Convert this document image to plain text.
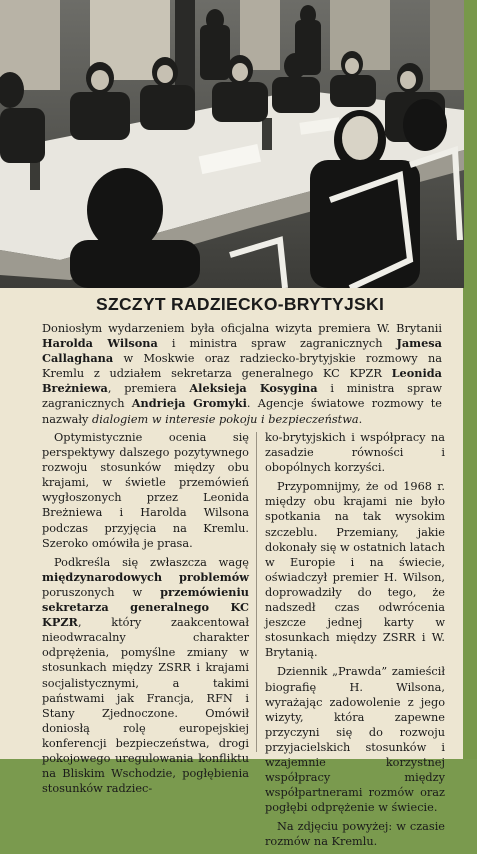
SZCZYT RADZIECKO-BRYTYJSKI
Doniosłym wydarzeniem była oficjalna wizyta premiera W. Brytanii Harolda Wilsona i ministra spraw zagranicznych Jamesa Callaghana w Moskwie oraz radziecko-brytyjskie rozmowy na Kremlu z udziałem sekretarza generalnego KC KPZR Leonida Breżniewa, premiera Aleksieja Kosygina i ministra spraw zagranicznych Andrieja Gromyki. Agencje światowe rozmowy te nazwały dialogiem w interesie pokoju i bezpieczeństwa.

Optymistycznie ocenia się perspektywy dalszego pozytywnego rozwoju stosunków między obu krajami, w świetle przemówień wygłoszonych przez Leonida Breżniewa i Harolda Wilsona podczas przyjęcia na Kremlu. Szeroko omówiła je prasa.

Podkreśla się zwłaszcza wagę międzynarodowych problemów poruszonych w przemówieniu sekretarza generalnego KC KPZR, który zaakcentował nieodwracalny charakter odprężenia, pomyślne zmiany w stosunkach między ZSRR i krajami socjalistycznymi, a takimi państwami jak Francja, RFN i Stany Zjednoczone. Omówił doniosłą rolę europejskiej konferencji bezpieczeństwa, drogi pokojowego uregulowania konfliktu na Bliskim Wschodzie, pogłębienia stosunków radziec-

ko-brytyjskich i współpracy na zasadzie równości i obopólnych korzyści.

Przypomnijmy, że od 1968 r. między obu krajami nie było spotkania na tak wysokim szczeblu. Przemiany, jakie dokonały się w ostatnich latach w Europie i na świecie, oświadczył premier H. Wilson, doprowadziły do tego, że nadszedł czas odwrócenia jeszcze jednej karty w stosunkach między ZSRR i W. Brytanią.

Dziennik „Prawda” zamieścił biografię H. Wilsona, wyrażając zadowolenie z jego wizyty, która zapewne przyczyni się do rozwoju przyjacielskich stosunków i wzajemnie korzystnej współpracy między współpartnerami rozmów oraz pogłębi odprężenie w świecie.

Na zdjęciu powyżej: w czasie rozmów na Kremlu.
